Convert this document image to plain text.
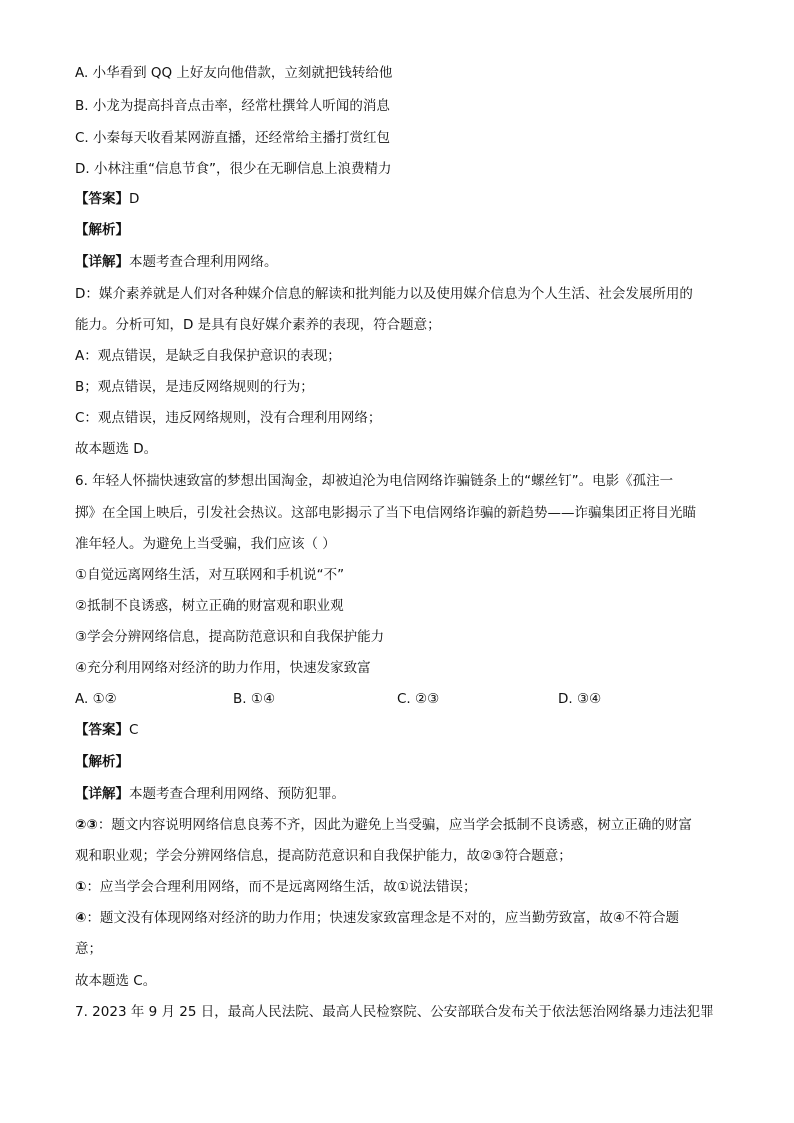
A. 小华看到 QQ 上好友向他借款，立刻就把钱转给他
B. 小龙为提高抖音点击率，经常杜撰耸人听闻的消息
C. 小秦每天收看某网游直播，还经常给主播打赏红包
D. 小林注重“信息节食”，很少在无聊信息上浪费精力
【答案】D
【解析】
【详解】本题考查合理利用网络。
D：媒介素养就是人们对各种媒介信息的解读和批判能力以及使用媒介信息为个人生活、社会发展所用的
能力。分析可知，D 是具有良好媒介素养的表现，符合题意；
A：观点错误，是缺乏自我保护意识的表现；
B；观点错误，是违反网络规则的行为；
C：观点错误，违反网络规则，没有合理利用网络；
故本题选 D。
6. 年轻人怀揣快速致富的梦想出国淘金，却被迫沦为电信网络诈骗链条上的“螺丝钉”。电影《孤注一
掷》在全国上映后，引发社会热议。这部电影揭示了当下电信网络诈骗的新趋势——诈骗集团正将目光瞄
准年轻人。为避免上当受骗，我们应该（ ）
①自觉远离网络生活，对互联网和手机说“不”
②抵制不良诱惑，树立正确的财富观和职业观
③学会分辨网络信息，提高防范意识和自我保护能力
④充分利用网络对经济的助力作用，快速发家致富
A. ①②	B. ①④	C. ②③	D. ③④
【答案】C
【解析】
【详解】本题考查合理利用网络、预防犯罪。
②③：题文内容说明网络信息良莠不齐，因此为避免上当受骗，应当学会抵制不良诱惑，树立正确的财富
观和职业观；学会分辨网络信息，提高防范意识和自我保护能力，故②③符合题意；
①：应当学会合理利用网络，而不是远离网络生活，故①说法错误；
④：题文没有体现网络对经济的助力作用；快速发家致富理念是不对的，应当勤劳致富，故④不符合题
意；
故本题选 C。
7. 2023 年 9 月 25 日，最高人民法院、最高人民检察院、公安部联合发布关于依法惩治网络暴力违法犯罪
